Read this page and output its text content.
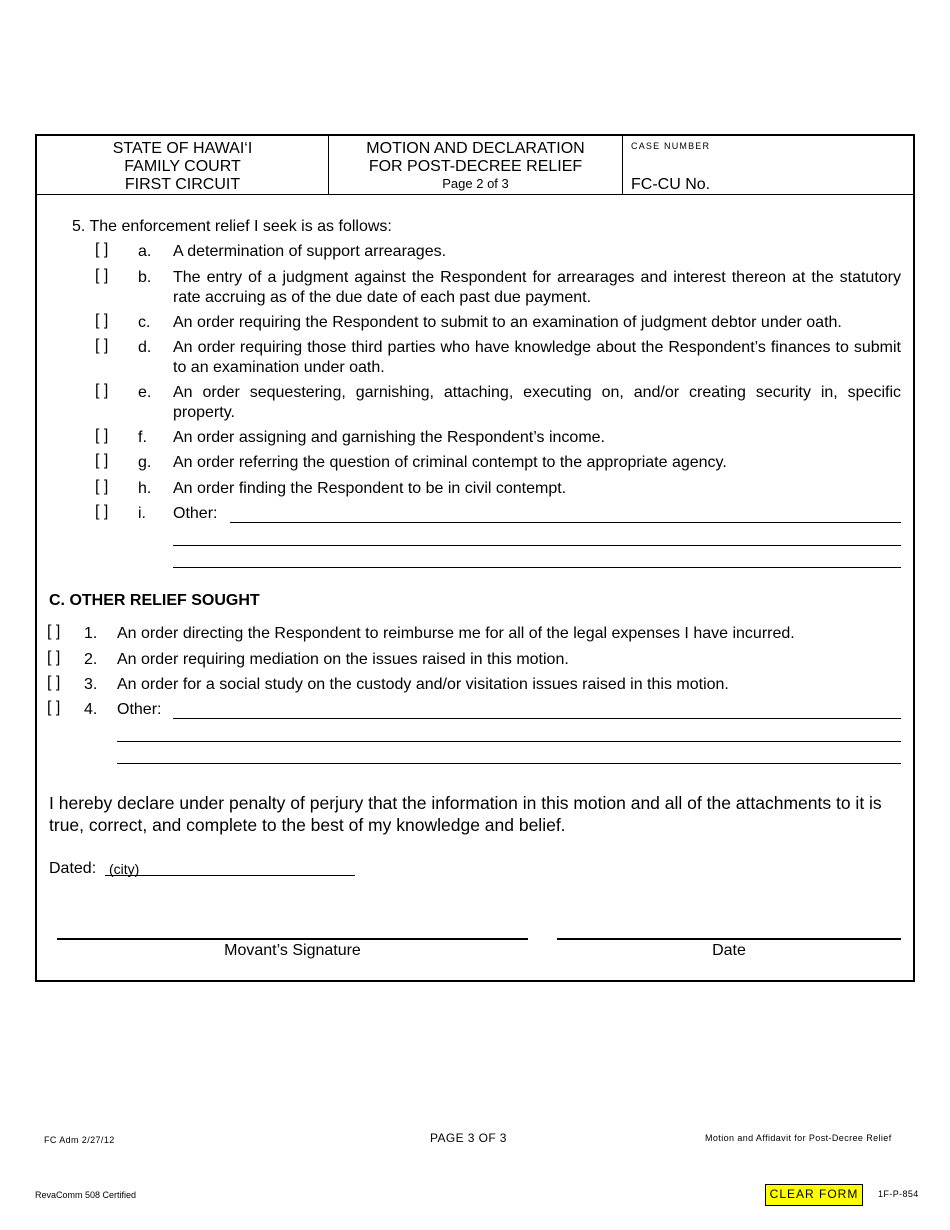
STATE OF HAWAI‘I
FAMILY COURT
FIRST CIRCUIT
MOTION AND DECLARATION
FOR POST-DECREE RELIEF
Page 2 of 3
CASE NUMBER
FC-CU No.
5. The enforcement relief I seek is as follows:
[ ] a. A determination of support arrearages.
[ ] b. The entry of a judgment against the Respondent for arrearages and interest thereon at the statutory rate accruing as of the due date of each past due payment.
[ ] c. An order requiring the Respondent to submit to an examination of judgment debtor under oath.
[ ] d. An order requiring those third parties who have knowledge about the Respondent’s finances to submit to an examination under oath.
[ ] e. An order sequestering, garnishing, attaching, executing on, and/or creating security in, specific property.
[ ] f. An order assigning and garnishing the Respondent’s income.
[ ] g. An order referring the question of criminal contempt to the appropriate agency.
[ ] h. An order finding the Respondent to be in civil contempt.
[ ] i. Other:
C. OTHER RELIEF SOUGHT
[ ] 1. An order directing the Respondent to reimburse me for all of the legal expenses I have incurred.
[ ] 2. An order requiring mediation on the issues raised in this motion.
[ ] 3. An order for a social study on the custody and/or visitation issues raised in this motion.
[ ] 4. Other:
I hereby declare under penalty of perjury that the information in this motion and all of the attachments to it is true, correct, and complete to the best of my knowledge and belief.
Dated: (city)
Movant’s Signature	Date
FC Adm 2/27/12	PAGE 3 OF 3	Motion and Affidavit for Post-Decree Relief
RevaComm 508 Certified	CLEAR FORM	1F-P-854
